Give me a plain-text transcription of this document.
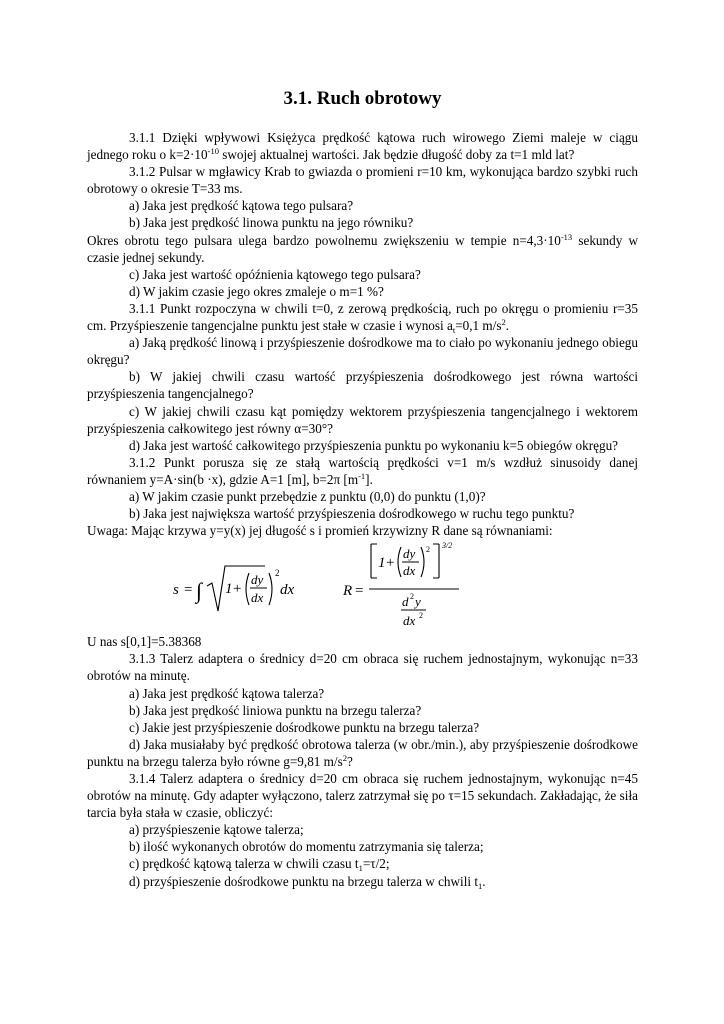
3.1. Ruch obrotowy

3.1.1 Dzięki wpływowi Księżyca prędkość kątowa ruch wirowego Ziemi maleje w ciągu jednego roku o $k=2\cdot 10^{-10}$ swojej aktualnej wartości. Jak będzie długość doby za t=1 mld lat?

3.1.2 Pulsar w mgławicy Krab to gwiazda o promieni r=10 km, wykonująca bardzo szybki ruch obrotowy o okresie T=33 ms.

a) Jaka jest prędkość kątowa tego pulsara?

b) Jaka jest prędkość linowa punktu na jego równiku?

Okres obrotu tego pulsara ulega bardzo powolnemu zwiększeniu w tempie $n=4,3\cdot 10^{-13}$ sekundy w czasie jednej sekundy.

c) Jaka jest wartość opóźnienia kątowego tego pulsara?

d) W jakim czasie jego okres zmaleje o m=1 %?

3.1.1 Punkt rozpoczyna w chwili t=0, z zerową prędkością, ruch po okręgu o promieniu r=35 cm. Przyśpieszenie tangencjalne punktu jest stałe w czasie i wynosi $a_t=0,1$ $m/s^2$.

a) Jaką prędkość linową i przyśpieszenie dośrodkowe ma to ciało po wykonaniu jednego obiegu okręgu?

b) W jakiej chwili czasu wartość przyśpieszenia dośrodkowego jest równa wartości przyśpieszenia tangencjalnego?

c) W jakiej chwili czasu kąt pomiędzy wektorem przyśpieszenia tangencjalnego i wektorem przyśpieszenia całkowitego jest równy α=30°?

d) Jaka jest wartość całkowitego przyśpieszenia punktu po wykonaniu k=5 obiegów okręgu?

3.1.2 Punkt porusza się ze stałą wartością prędkości v=1 m/s wzdłuż sinusoidy danej równaniem y=A·sin(b ·x), gdzie A=1 [m], b=2π $[m^{-1}]$.

a) W jakim czasie punkt przebędzie z punktu (0,0) do punktu (1,0)?

b) Jaka jest największa wartość przyśpieszenia dośrodkowego w ruchu tego punktu?

Uwaga: Mając krzywa y=y(x) jej długość s i promień krzywizny R dane są równaniami:

s = ∫ 1 +
dy
dx
2
dx	R =
1 +
dy
dx
2 3/2
d 2 y
dx 2

U nas s[0,1]=5.38368

3.1.3 Talerz adaptera o średnicy d=20 cm obraca się ruchem jednostajnym, wykonując n=33 obrotów na minutę.

a) Jaka jest prędkość kątowa talerza?

b) Jaka jest prędkość liniowa punktu na brzegu talerza?

c) Jakie jest przyśpieszenie dośrodkowe punktu na brzegu talerza?

d) Jaka musiałaby być prędkość obrotowa talerza (w obr./min.), aby przyśpieszenie dośrodkowe punktu na brzegu talerza było równe g=9,81 $m/s^2$?

3.1.4 Talerz adaptera o średnicy d=20 cm obraca się ruchem jednostajnym, wykonując n=45 obrotów na minutę. Gdy adapter wyłączono, talerz zatrzymał się po τ=15 sekundach. Zakładając, że siła tarcia była stała w czasie, obliczyć:

a) przyśpieszenie kątowe talerza;

b) ilość wykonanych obrotów do momentu zatrzymania się talerza;

c) prędkość kątową talerza w chwili czasu $t_1=\tau/2$;

d) przyśpieszenie dośrodkowe punktu na brzegu talerza w chwili $t_1$.
